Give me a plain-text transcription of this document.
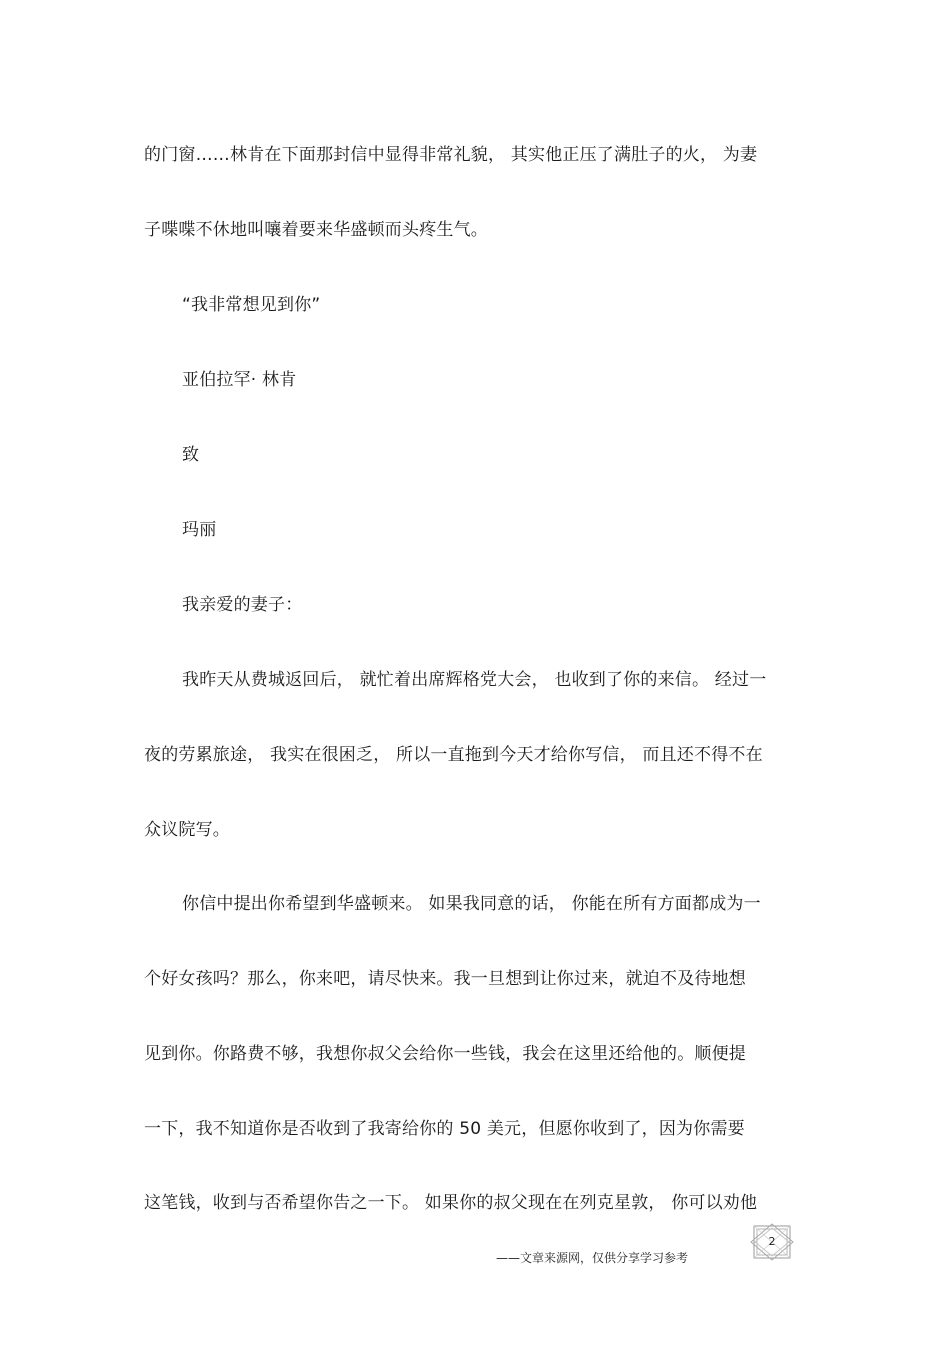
的门窗……林肯在下面那封信中显得非常礼貌， 其实他正压了满肚子的火， 为妻
子喋喋不休地叫嚷着要来华盛顿而头疼生气。
“我非常想见到你”
亚伯拉罕· 林肯
致
玛丽
我亲爱的妻子：
我昨天从费城返回后， 就忙着出席辉格党大会， 也收到了你的来信。 经过一
夜的劳累旅途， 我实在很困乏， 所以一直拖到今天才给你写信， 而且还不得不在
众议院写。
你信中提出你希望到华盛顿来。 如果我同意的话， 你能在所有方面都成为一
个好女孩吗？那么，你来吧，请尽快来。我一旦想到让你过来，就迫不及待地想
见到你。你路费不够，我想你叔父会给你一些钱，我会在这里还给他的。顺便提
一下，我不知道你是否收到了我寄给你的 50 美元，但愿你收到了，因为你需要
这笔钱，收到与否希望你告之一下。 如果你的叔父现在在列克星敦， 你可以劝他
——文章来源网，仅供分享学习参考
2
